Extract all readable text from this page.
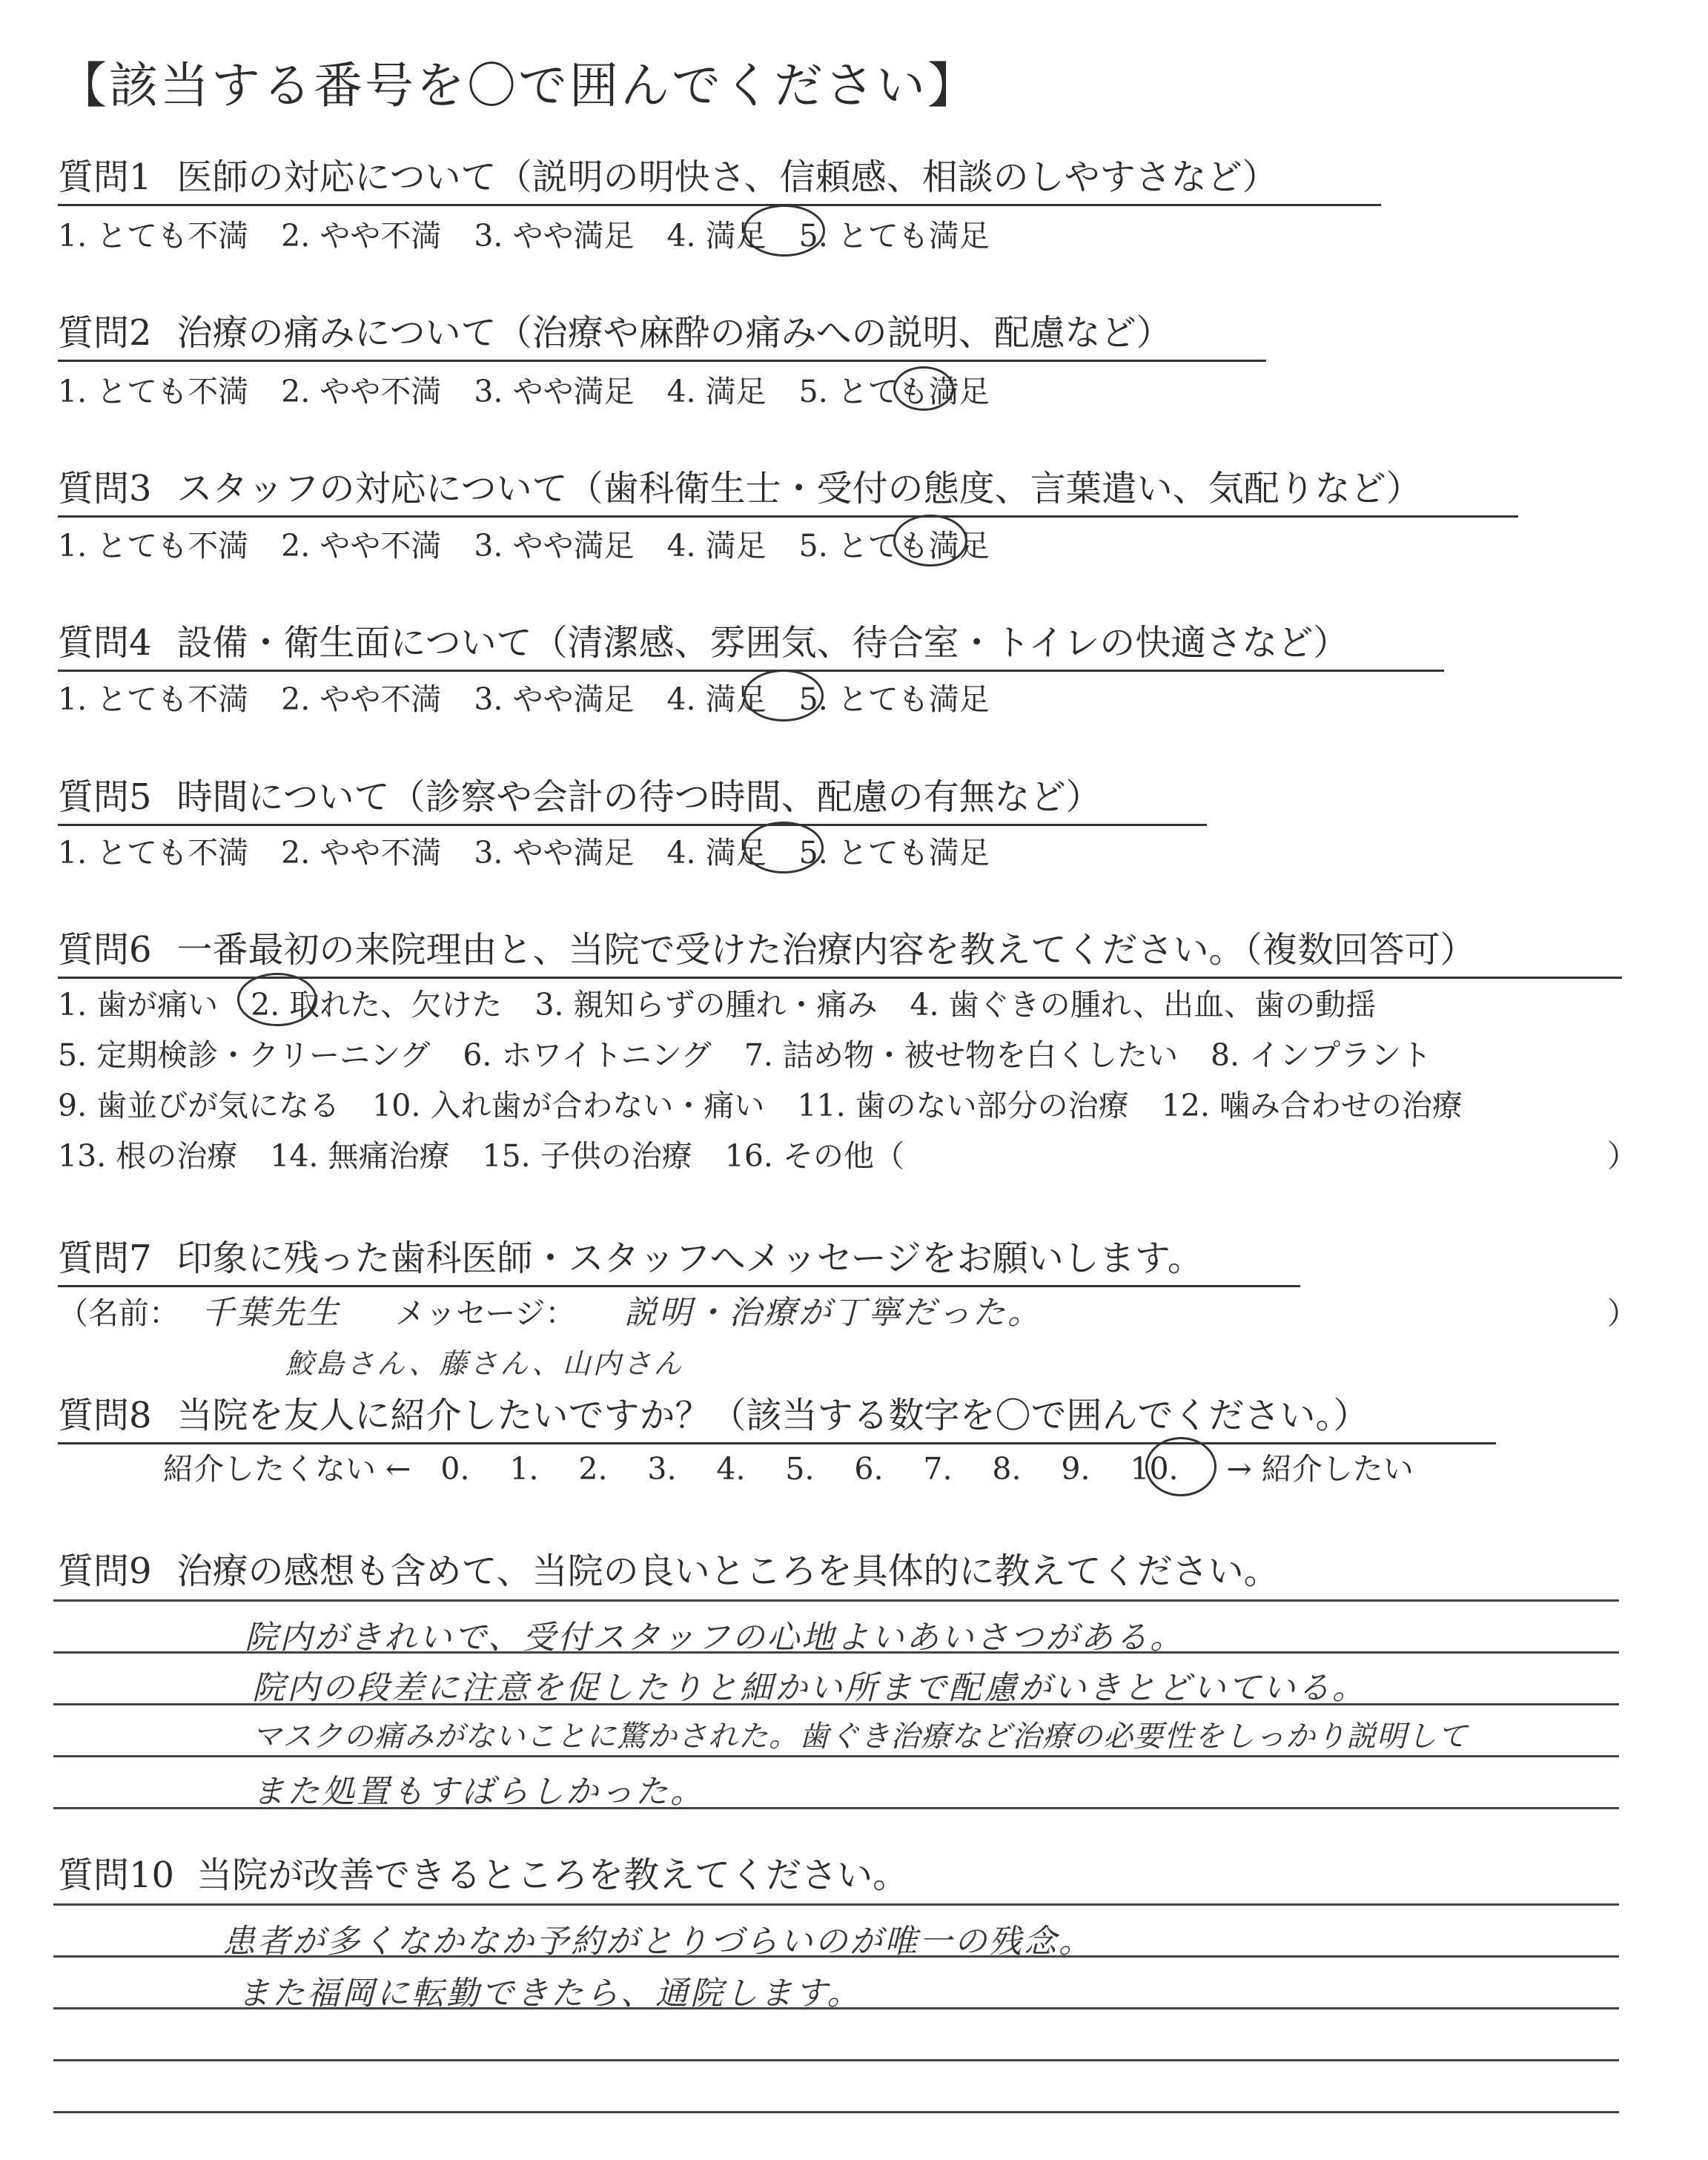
【該当する番号を〇で囲んでください】
質問1 医師の対応について（説明の明快さ、信頼感、相談のしやすさなど）
1. とても不満 2. やや不満 3. やや満足 4. 満足 5. とても満足
質問2 治療の痛みについて（治療や麻酔の痛みへの説明、配慮など）
1. とても不満 2. やや不満 3. やや満足 4. 満足 5. とても満足
質問3 スタッフの対応について（歯科衛生士・受付の態度、言葉遣い、気配りなど）
1. とても不満 2. やや不満 3. やや満足 4. 満足 5. とても満足
質問4 設備・衛生面について（清潔感、雰囲気、待合室・トイレの快適さなど）
1. とても不満 2. やや不満 3. やや満足 4. 満足 5. とても満足
質問5 時間について（診察や会計の待つ時間、配慮の有無など）
1. とても不満 2. やや不満 3. やや満足 4. 満足 5. とても満足
質問6 一番最初の来院理由と、当院で受けた治療内容を教えてください。（複数回答可）
1. 歯が痛い 2. 取れた、欠けた 3. 親知らずの腫れ・痛み 4. 歯ぐきの腫れ、出血、歯の動揺
5. 定期検診・クリーニング 6. ホワイトニング 7. 詰め物・被せ物を白くしたい 8. インプラント
9. 歯並びが気になる 10. 入れ歯が合わない・痛い 11. 歯のない部分の治療 12. 噛み合わせの治療
13. 根の治療 14. 無痛治療 15. 子供の治療 16. その他（	）
質問7 印象に残った歯科医師・スタッフへメッセージをお願いします。
（名前： 千葉先生 メッセージ： 説明・治療が丁寧だった。	）
鮫島さん、藤さん、山内さん
質問8 当院を友人に紹介したいですか？（該当する数字を〇で囲んでください。）
紹介したくない ← 0. 1. 2. 3. 4. 5. 6. 7. 8. 9. 10. → 紹介したい
質問9 治療の感想も含めて、当院の良いところを具体的に教えてください。
院内がきれいで、受付スタッフの心地よいあいさつがある。
院内の段差に注意を促したりと細かい所まで配慮がいきとどいている。
マスクの痛みがないことに驚かされた。歯ぐき治療など治療の必要性をしっかり説明して
また処置もすばらしかった。
質問10 当院が改善できるところを教えてください。
患者が多くなかなか予約がとりづらいのが唯一の残念。
また福岡に転勤できたら、通院します。
